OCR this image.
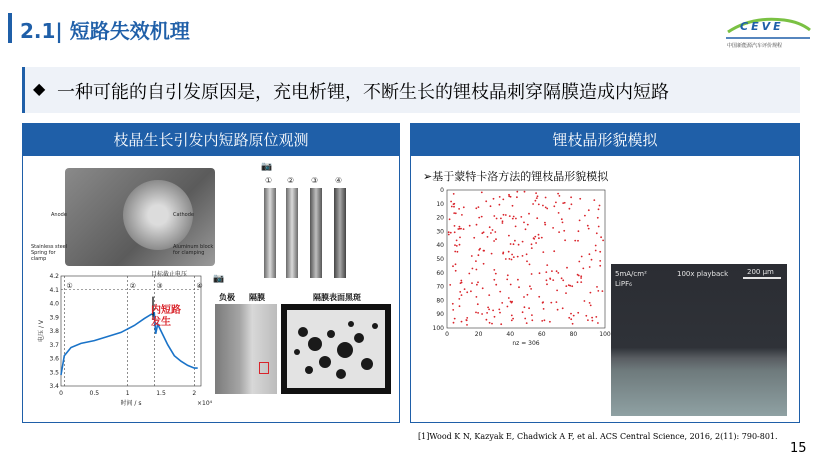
2.1| 短路失效机理	CEVE
中国新能源汽车评价规程
◆ 一种可能的自引发原因是，充电析锂，不断生长的锂枝晶刺穿隔膜造成内短路
枝晶生长引发内短路原位观测
Anode	Cathode
Stainless steel Spring for clamp
Aluminum block for clamping
①	②	③	④
0	0.5	1	1.5	2
3.4
3.5
3.6
3.7
3.8
3.9
4.0
4.1
4.2
电压 / V
时间 / s	×10⁴
目标截止电压
内短路发生
📷
① ② ③ ④
📷
负极 隔膜	隔膜表面黑斑
锂枝晶形貌模拟
➢基于蒙特卡洛方法的锂枝晶形貌模拟
0
10
20
30
40
50
60
70
80
90
100
0	20	40	60	80	100
nz = 306
5mA/cm²
LiPF₆
100x playback	200 μm
[1]Wood K N, Kazyak E, Chadwick A F, et al. ACS Central Science, 2016, 2(11): 790-801.
15
